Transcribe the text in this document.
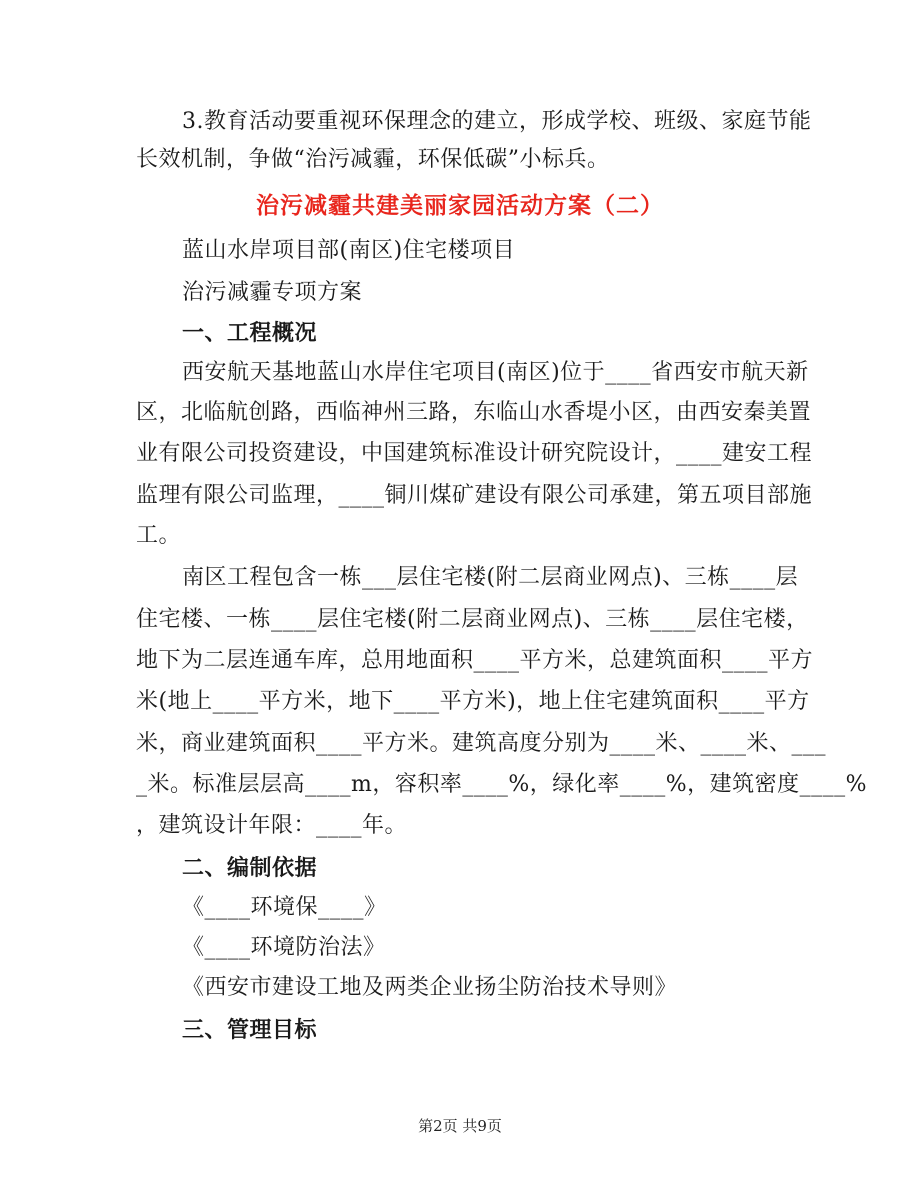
3.教育活动要重视环保理念的建立，形成学校、班级、家庭节能
长效机制，争做“治污减霾，环保低碳”小标兵。
治污减霾共建美丽家园活动方案（二）
蓝山水岸项目部(南区)住宅楼项目
治污减霾专项方案
一、工程概况
西安航天基地蓝山水岸住宅项目(南区)位于____省西安市航天新
区，北临航创路，西临神州三路，东临山水香堤小区，由西安秦美置
业有限公司投资建设，中国建筑标准设计研究院设计，____建安工程
监理有限公司监理，____铜川煤矿建设有限公司承建，第五项目部施
工。
南区工程包含一栋___层住宅楼(附二层商业网点)、三栋____层
住宅楼、一栋____层住宅楼(附二层商业网点)、三栋____层住宅楼，
地下为二层连通车库，总用地面积____平方米，总建筑面积____平方
米(地上____平方米，地下____平方米)，地上住宅建筑面积____平方
米，商业建筑面积____平方米。建筑高度分别为____米、____米、___
_米。标准层层高____m，容积率____%，绿化率____%，建筑密度____%
，建筑设计年限：____年。
二、编制依据
《____环境保____》
《____环境防治法》
《西安市建设工地及两类企业扬尘防治技术导则》
三、管理目标
第2页 共9页
